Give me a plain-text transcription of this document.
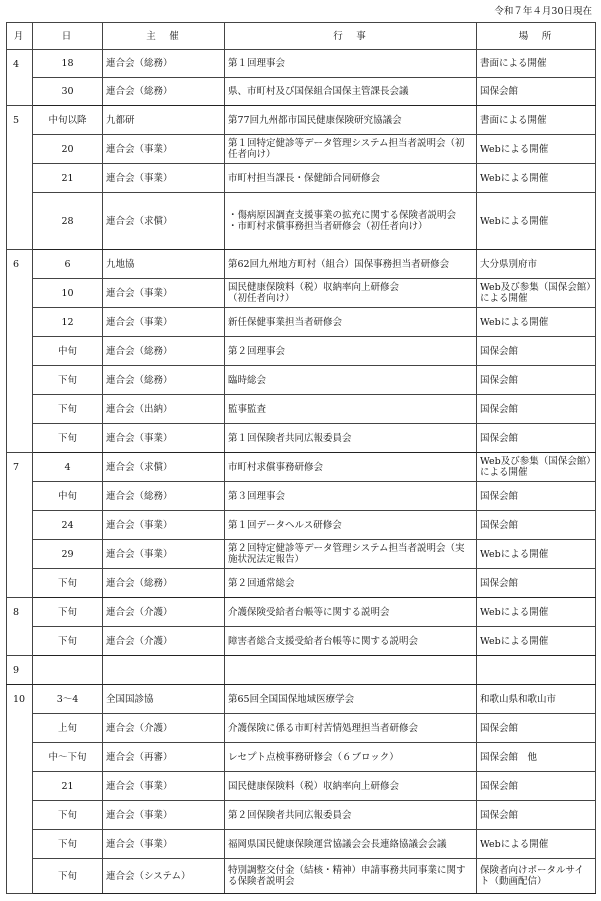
令和７年４月30日現在
月	日	主　催	行　事	場　所
4	18	連合会（総務）	第１回理事会	書面による開催
	30	連合会（総務）	県、市町村及び国保組合国保主管課長会議	国保会館
5	中旬以降	九都研	第77回九州都市国民健康保険研究協議会	書面による開催
	20	連合会（事業）	第１回特定健診等データ管理システム担当者説明会（初任者向け）	Webによる開催
	21	連合会（事業）	市町村担当課長・保健師合同研修会	Webによる開催
	28	連合会（求償）	・傷病原因調査支援事業の拡充に関する保険者説明会
・市町村求償事務担当者研修会（初任者向け）	Webによる開催
6	6	九地協	第62回九州地方町村（組合）国保事務担当者研修会	大分県別府市
	10	連合会（事業）	国民健康保険料（税）収納率向上研修会
（初任者向け）	Web及び参集（国保会館）による開催
	12	連合会（事業）	新任保健事業担当者研修会	Webによる開催
	中旬	連合会（総務）	第２回理事会	国保会館
	下旬	連合会（総務）	臨時総会	国保会館
	下旬	連合会（出納）	監事監査	国保会館
	下旬	連合会（事業）	第１回保険者共同広報委員会	国保会館
7	4	連合会（求償）	市町村求償事務研修会	Web及び参集（国保会館）による開催
	中旬	連合会（総務）	第３回理事会	国保会館
	24	連合会（事業）	第１回データヘルス研修会	国保会館
	29	連合会（事業）	第２回特定健診等データ管理システム担当者説明会（実施状況法定報告）	Webによる開催
	下旬	連合会（総務）	第２回通常総会	国保会館
8	下旬	連合会（介護）	介護保険受給者台帳等に関する説明会	Webによる開催
	下旬	連合会（介護）	障害者総合支援受給者台帳等に関する説明会	Webによる開催
9				
10	3～4	全国国診協	第65回全国国保地域医療学会	和歌山県和歌山市
	上旬	連合会（介護）	介護保険に係る市町村苦情処理担当者研修会	国保会館
	中～下旬	連合会（再審）	レセプト点検事務研修会（６ブロック）	国保会館　他
	21	連合会（事業）	国民健康保険料（税）収納率向上研修会	国保会館
	下旬	連合会（事業）	第２回保険者共同広報委員会	国保会館
	下旬	連合会（事業）	福岡県国民健康保険運営協議会会長連絡協議会会議	Webによる開催
	下旬	連合会（システム）	特別調整交付金（結核・精神）申請事務共同事業に関する保険者説明会	保険者向けポータルサイト（動画配信）
